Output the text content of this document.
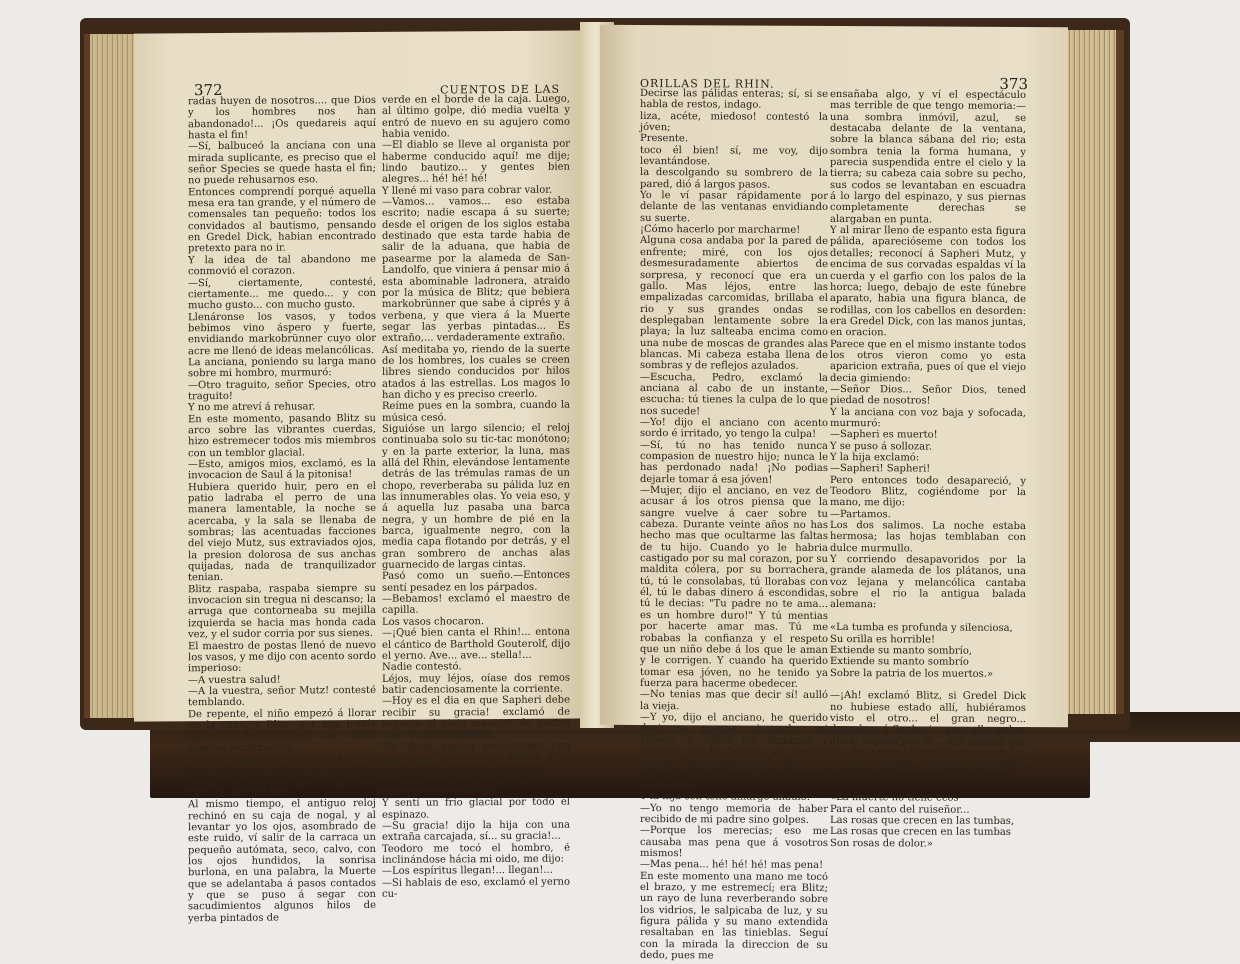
372	CUENTOS DE LAS
radas huyen de nosotros.... que Dios y los hombres nos han abandonado!... ¡Os quedareis aquí hasta el fin!
—Sí, balbuceó la anciana con una mirada suplicante, es preciso que el señor Species se quede hasta el fin; no puede rehusarnos eso.
Entonces comprendí porqué aquella mesa era tan grande, y el número de comensales tan pequeño: todos los convidados al bautismo, pensando en Gredel Dick, habian encontrado pretexto para no ir.
Y la idea de tal abandono me conmovió el corazon.
—Sí, ciertamente, contesté, ciertamente... me quedo... y con mucho gusto... con mucho gusto.
Llenáronse los vasos, y todos bebimos vino áspero y fuerte, envidiando markobrünner cuyo olor acre me llenó de ideas melancólicas.
La anciana, poniendo su larga mano sobre mi hombro, murmuró:
—Otro traguito, señor Species, otro traguito!
Y no me atreví á rehusar.
En este momento, pasando Blitz su arco sobre las vibrantes cuerdas, hizo estremecer todos mis miembros con un temblor glacial.
—Esto, amigos mios, exclamó, es la invocacion de Saul á la pitonisa!
Hubiera querido huir, pero en el patio ladraba el perro de una manera lamentable, la noche se acercaba, y la sala se llenaba de sombras; las acentuadas facciones del viejo Mutz, sus extraviados ojos, la presion dolorosa de sus anchas quijadas, nada de tranquilizador tenian.
Blitz raspaba, raspaba siempre su invocacion sin tregua ni descanso; la arruga que contorneaba su mejilla izquierda se hacia mas honda cada vez, y el sudor corria por sus sienes.
El maestro de postas llenó de nuevo los vasos, y me dijo con acento sordo imperioso:
—A vuestra salud!
—A la vuestra, señor Mutz! contesté temblando.
De repente, el niño empezó á llorar en la cuna, y Blitz, por una ironía diabólica, le acompañó con notas ásperas exclamando:
—Es el himno de la vida... hé! hé! hé! ¡Cuántas veces el pequeño Nickel lo cantará hasta que sea calvo!... hé! hé! hé!
Al mismo tiempo, el antiguo reloj rechinó en su caja de nogal, y al levantar yo los ojos, asombrado de este ruido, ví salir de la carraca un pequeño autómata, seco, calvo, con los ojos hundidos, la sonrisa burlona, en una palabra, la Muerte que se adelantaba á pasos contados y que se puso á segar con sacudimientos algunos hilos de yerba pintados de
verde en el borde de la caja. Luego, al último golpe, dió media vuelta y entró de nuevo en su agujero como habia venido.
—El diablo se lleve al organista por haberme conducido aquí! me dije; lindo bautizo... y gentes bien alegres... hé! hé! hé!
Y llené mi vaso para cobrar valor.
—Vamos... vamos... eso estaba escrito; nadie escapa á su suerte; desde el origen de los siglos estaba destinado que esta tarde habia de salir de la aduana, que habia de pasearme por la alameda de San-Landolfo, que viniera á pensar mio á esta abominable ladronera, atraido por la música de Blitz; que bebiera markobrünner que sabe á ciprés y á verbena, y que viera á la Muerte segar las yerbas pintadas... Es extraño,... verdaderamente extraño.
Así meditaba yo, riendo de la suerte de los hombres, los cuales se creen libres siendo conducidos por hilos atados á las estrellas. Los magos lo han dicho y es preciso creerlo.
Reíme pues en la sombra, cuando la música cesó.
Siguióse un largo silencio; el reloj continuaba solo su tic-tac monótono; y en la parte exterior, la luna, mas allá del Rhin, elevándose lentamente detrás de las trémulas ramas de un chopo, reverberaba su pálida luz en las innumerables olas. Yo veia eso, y á aquella luz pasaba una barca negra, y un hombre de pié en la barca, igualmente negro, con la media capa flotando por detrás, y el gran sombrero de anchas alas guarnecido de largas cintas.
Pasó como un sueño.—Entonces sentí pesadez en los párpados.
—Bebamos! exclamó el maestro de capilla.
Los vasos chocaron.
—¡Qué bien canta el Rhin!... entona el cántico de Barthold Gouterolf, dijo el yerno. Ave... ave... stella!...
Nadie contestó.
Léjos, muy léjos, oíase dos remos batir cadenciosamente la corriente.
—Hoy es el dia en que Sapheri debe recibir su gracia! exclamó de repente el viejo maestro de postas con voz enronquecida.
Sin duda estaba preocupado con esta idea hacia largo tiempo y le ponia triste. A mí me espeluznó.
—Piensa en su hijo, me dije, en su hijo que debe ahorcar!
Y sentí un frío glacial por todo el espinazo.
—Su gracia! dijo la hija con una extraña carcajada, sí... su gracia!...
Teodoro me tocó el hombro, é inclinándose hácia mi oido, me dijo:
—Los espíritus llegan!... llegan!...
—Si hablais de eso, exclamó el yerno cu-
ORILLAS DEL RHIN.	373
Decirse las pálidas enteras; sí, si se habla de restos, indago.
liza, acéte, miedoso! contestó la jóven;
Presente.
toco él bien! sí, me voy, dijo levantándose.
la descolgando su sombrero de la pared, dió á largos pasos.
Yo le ví pasar rápidamente por delante de las ventanas envidiando su suerte.
¡Cómo hacerlo por marcharme!
Alguna cosa andaba por la pared de enfrente; miré, con los ojos desmesuradamente abiertos de sorpresa, y reconocí que era un gallo. Mas léjos, entre las empalizadas carcomidas, brillaba el rio y sus grandes ondas se desplegaban lentamente sobre la playa; la luz salteaba encima como una nube de moscas de grandes alas blancas. Mi cabeza estaba llena de sombras y de reflejos azulados.
—Escucha, Pedro, exclamó la anciana al cabo de un instante, escucha: tú tienes la culpa de lo que nos sucede!
—Yo! dijo el anciano con acento sordo é irritado, yo tengo la culpa!
—Sí, tú no has tenido nunca compasion de nuestro hijo; nunca le has perdonado nada! ¡No podias dejarle tomar á esa jóven!
—Mujer, dijo el anciano, en vez de acusar á los otros piensa que la sangre vuelve á caer sobre tu cabeza. Durante veinte años no has hecho mas que ocultarme las faltas de tu hijo. Cuando yo le habria castigado por su mal corazon, por su maldita cólera, por su borrachera, tú, tú le consolabas, tú llorabas con él, tú le dabas dinero á escondidas, tú le decias: "Tu padre no te ama... es un hombre duro!" Y tú mentias por hacerte amar mas. Tú me robabas la confianza y el respeto que un niño debe á los que le aman y le corrigen. Y cuando ha querido tomar esa jóven, no he tenido ya fuerza para hacerme obedecer.
—No tenias mas que decir sí! aulló la vieja.
—Y yo, dijo el anciano, he querido decir no, porque mi madre, mi abuela, y todos los hombres y mujeres de la familia, no podian recibir á esa pagana en el cielo!
—En el cielo! dijo con mofa la vieja, en el cielo!
Y la hija con tono amargo añadió:
—Yo no tengo memoria de haber recibido de mi padre sino golpes.
—Porque los merecias; eso me causaba mas pena que á vosotros mismos!
—Mas pena... hé! hé! hé! mas pena!
En este momento una mano me tocó el brazo, y me estremecí; era Blitz; un rayo de luna reverberando sobre los vidrios, le salpicaba de luz, y su figura pálida y su mano extendida resaltaban en las tinieblas. Seguí con la mirada la direccion de su dedo, pues me
ensañaba algo, y ví el espectáculo mas terrible de que tengo memoria:—una sombra inmóvil, azul, se destacaba delante de la ventana, sobre la blanca sábana del rio; esta sombra tenia la forma humana, y parecia suspendida entre el cielo y la tierra; su cabeza caia sobre su pecho, sus codos se levantaban en escuadra á lo largo del espinazo, y sus piernas completamente derechas se alargaban en punta.
Y al mirar lleno de espanto esta figura pálida, aparecióseme con todos los detalles; reconocí á Sapheri Mutz, y encima de sus corvadas espaldas ví la cuerda y el garfio con los palos de la horca; luego, debajo de este fúnebre aparato, habia una figura blanca, de rodillas, con los cabellos en desorden: era Gredel Dick, con las manos juntas, en oracion.
Parece que en el mismo instante todos los otros vieron como yo esta aparicion extraña, pues oí que el viejo decia gimiendo:
—Señor Dios... Señor Dios, tened piedad de nosotros!
Y la anciana con voz baja y sofocada, murmuró:
—Sapheri es muerto!
Y se puso á sollozar.
Y la hija exclamó:
—Sapheri! Sapheri!
Pero entonces todo desapareció, y Teodoro Blitz, cogiéndome por la mano, me dijo:
—Partamos.
Los dos salimos. La noche estaba hermosa; las hojas temblaban con dulce murmullo.
Y corriendo desapavoridos por la grande alameda de los plátanos, una voz lejana y melancólica cantaba sobre el rio la antigua balada alemana:

«La tumba es profunda y silenciosa,
Su orilla es horrible!
Extiende su manto sombrío,
Extiende su manto sombrío
Sobre la patria de los muertos.»

—¡Ah! exclamó Blitz, si Gredel Dick no hubiese estado allí, hubiéramos visto el otro... el gran negro... descolgar á Sapheri... pero ella, pobre alma, rogaba por él... ella rogaba por él... Lo que es blanco blanco queda!
Y la voz lejana, siempre mas débil, continuó al murmurio de las aguas:

«La muerte no tiene ecos
Para el canto del ruiseñor...
Las rosas que crecen en las tumbas,
Las rosas que crecen en las tumbas
Son rosas de dolor.»
